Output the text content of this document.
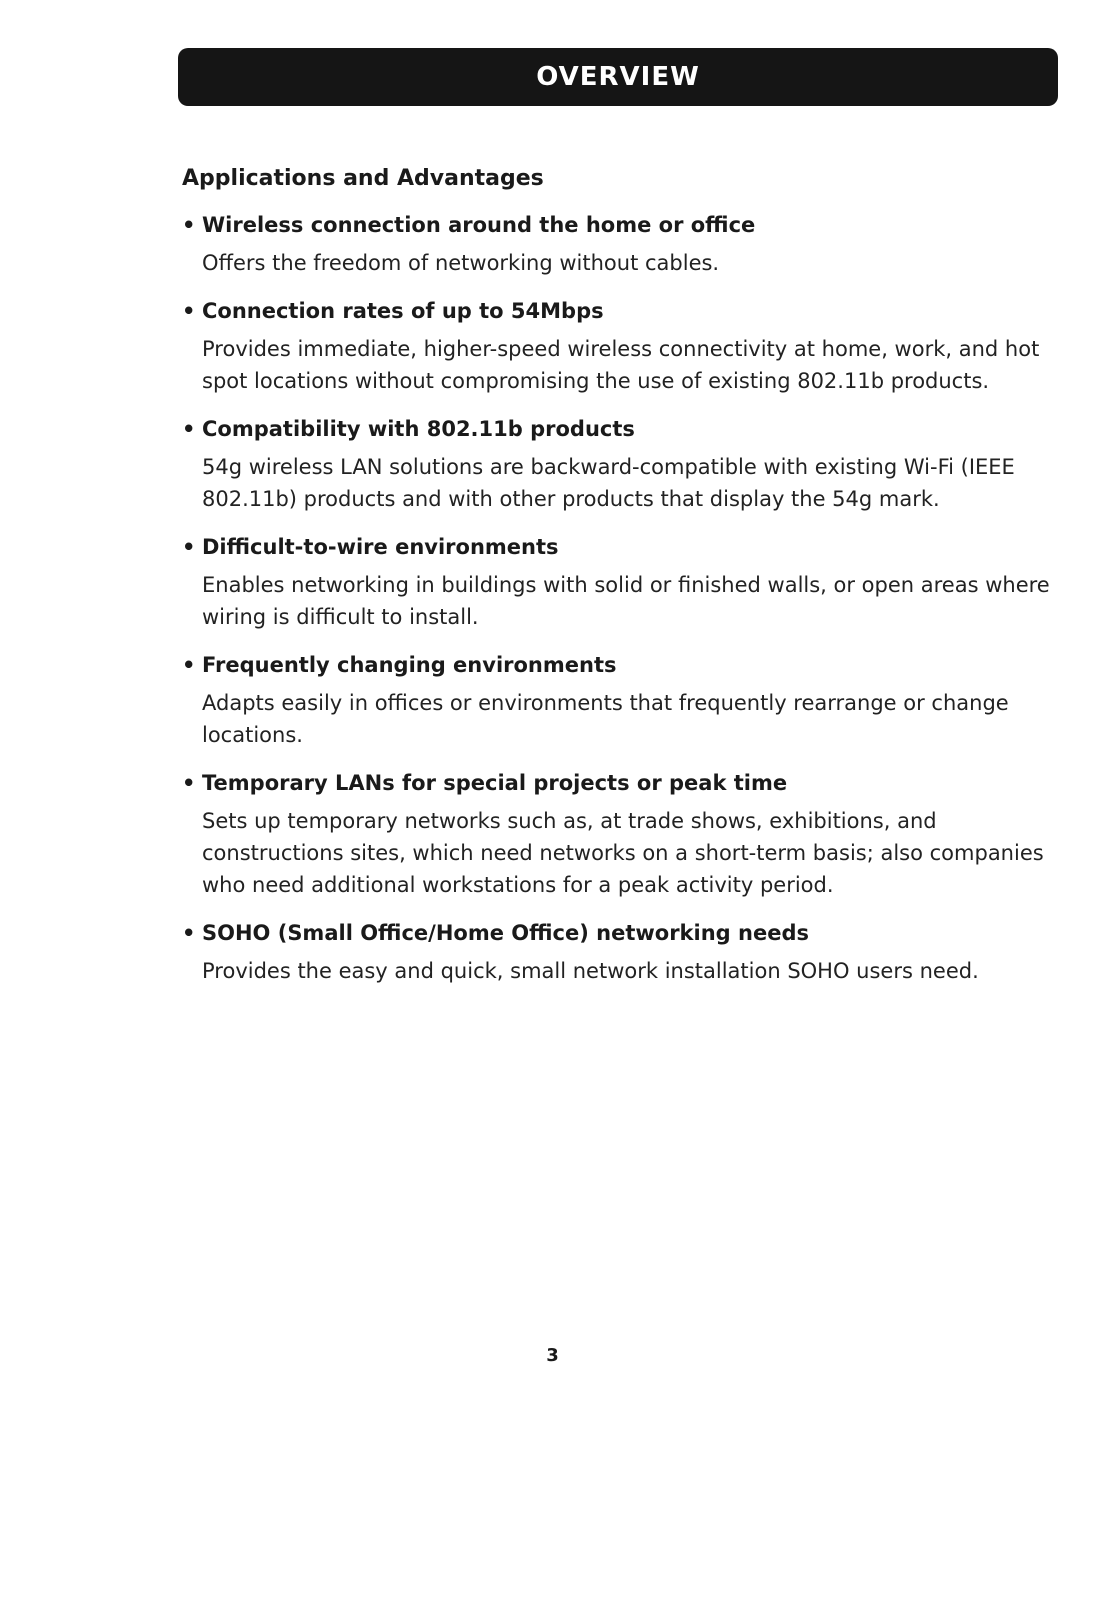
OVERVIEW
Applications and Advantages
• Wireless connection around the home or office
Offers the freedom of networking without cables.
• Connection rates of up to 54Mbps
Provides immediate, higher-speed wireless connectivity at home, work, and hot spot locations without compromising the use of existing 802.11b products.
• Compatibility with 802.11b products
54g wireless LAN solutions are backward-compatible with existing Wi-Fi (IEEE 802.11b) products and with other products that display the 54g mark.
• Difficult-to-wire environments
Enables networking in buildings with solid or finished walls, or open areas where wiring is difficult to install.
• Frequently changing environments
Adapts easily in offices or environments that frequently rearrange or change locations.
• Temporary LANs for special projects or peak time
Sets up temporary networks such as, at trade shows, exhibitions, and constructions sites, which need networks on a short-term basis; also companies who need additional workstations for a peak activity period.
• SOHO (Small Office/Home Office) networking needs
Provides the easy and quick, small network installation SOHO users need.
3
